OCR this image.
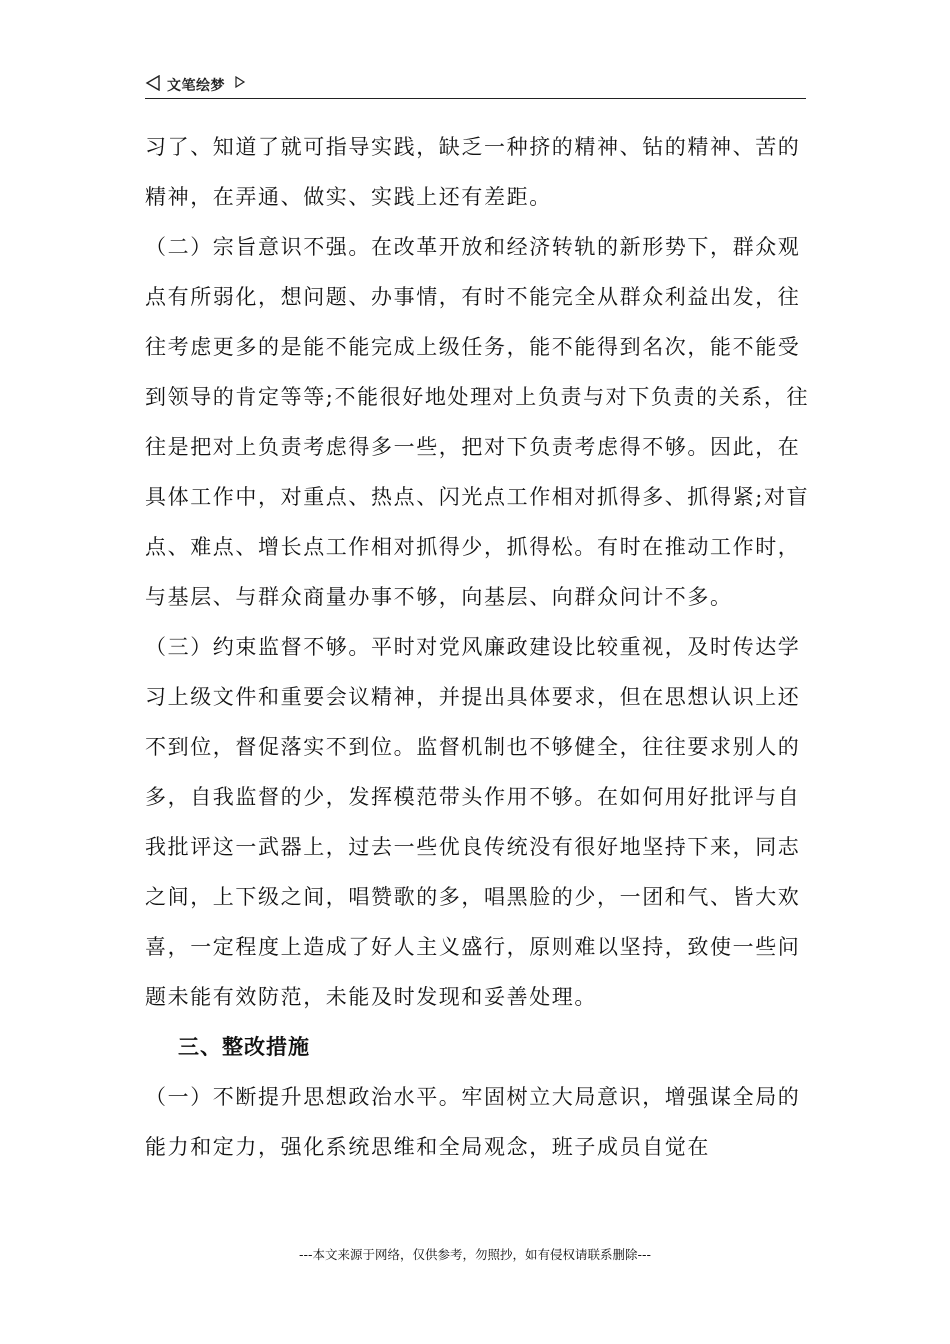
文笔绘梦
习了、知道了就可指导实践，缺乏一种挤的精神、钻的精神、苦的
精神，在弄通、做实、实践上还有差距。
（二）宗旨意识不强。在改革开放和经济转轨的新形势下，群众观
点有所弱化，想问题、办事情，有时不能完全从群众利益出发，往
往考虑更多的是能不能完成上级任务，能不能得到名次，能不能受
到领导的肯定等等;不能很好地处理对上负责与对下负责的关系，往
往是把对上负责考虑得多一些，把对下负责考虑得不够。因此，在
具体工作中，对重点、热点、闪光点工作相对抓得多、抓得紧;对盲
点、难点、增长点工作相对抓得少，抓得松。有时在推动工作时，
与基层、与群众商量办事不够，向基层、向群众问计不多。
（三）约束监督不够。平时对党风廉政建设比较重视，及时传达学
习上级文件和重要会议精神，并提出具体要求，但在思想认识上还
不到位，督促落实不到位。监督机制也不够健全，往往要求别人的
多，自我监督的少，发挥模范带头作用不够。在如何用好批评与自
我批评这一武器上，过去一些优良传统没有很好地坚持下来，同志
之间，上下级之间，唱赞歌的多，唱黑脸的少，一团和气、皆大欢
喜，一定程度上造成了好人主义盛行，原则难以坚持，致使一些问
题未能有效防范，未能及时发现和妥善处理。
三、整改措施
（一）不断提升思想政治水平。牢固树立大局意识，增强谋全局的
能力和定力，强化系统思维和全局观念，班子成员自觉在
---本文来源于网络，仅供参考，勿照抄，如有侵权请联系删除---
